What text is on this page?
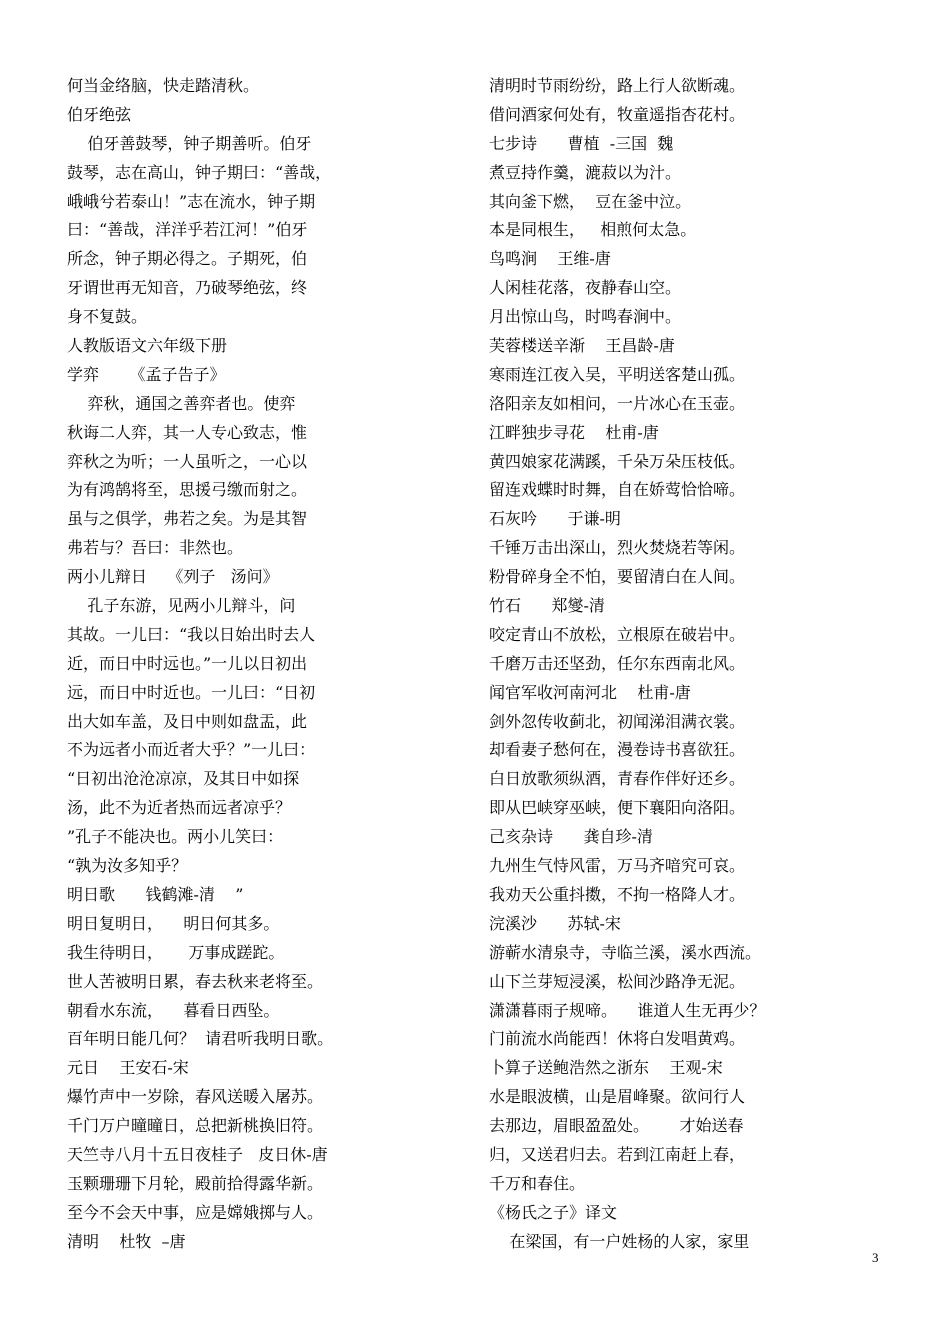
何当金络脑，快走踏清秋。
伯牙绝弦
伯牙善鼓琴，钟子期善听。伯牙
鼓琴，志在高山，钟子期曰：“善哉，
峨峨兮若泰山！”志在流水，钟子期
曰：“善哉，洋洋乎若江河！”伯牙
所念，钟子期必得之。子期死，伯
牙谓世再无知音，乃破琴绝弦，终
身不复鼓。
人教版语文六年级下册
学弈      《孟子告子》
弈秋，通国之善弈者也。使弈
秋诲二人弈，其一人专心致志，惟
弈秋之为听；一人虽听之，一心以
为有鸿鹄将至，思援弓缴而射之。
虽与之俱学，弗若之矣。为是其智
弗若与？吾曰：非然也。
两小儿辩日    《列子   汤问》
孔子东游，见两小儿辩斗，问
其故。一儿曰：“我以日始出时去人
近，而日中时远也。”一儿以日初出
远，而日中时近也。一儿曰：“日初
出大如车盖，及日中则如盘盂，此
不为远者小而近者大乎？”一儿曰：
“日初出沧沧凉凉，及其日中如探
汤，此不为近者热而远者凉乎？
”孔子不能决也。两小儿笑曰：
“孰为汝多知乎？
明日歌      钱鹤滩-清    ”
明日复明日，    明日何其多。
我生待明日，     万事成蹉跎。
世人苦被明日累，春去秋来老将至。
朝看水东流，    暮看日西坠。
百年明日能几何？  请君听我明日歌。
元日    王安石-宋
爆竹声中一岁除，春风送暖入屠苏。
千门万户曈曈日，总把新桃换旧符。
天竺寺八月十五日夜桂子   皮日休-唐
玉颗珊珊下月轮，殿前拾得露华新。
至今不会天中事，应是嫦娥掷与人。
清明    杜牧  –唐
清明时节雨纷纷，路上行人欲断魂。
借问酒家何处有，牧童遥指杏花村。
七步诗      曹植  -三国  魏
煮豆持作羹，漉菽以为汁。
其向釜下燃，  豆在釜中泣。
本是同根生，   相煎何太急。
鸟鸣涧    王维-唐
人闲桂花落，夜静春山空。
月出惊山鸟，时鸣春涧中。
芙蓉楼送辛渐    王昌龄-唐
寒雨连江夜入吴，平明送客楚山孤。
洛阳亲友如相问，一片冰心在玉壶。
江畔独步寻花    杜甫-唐
黄四娘家花满蹊，千朵万朵压枝低。
留连戏蝶时时舞，自在娇莺恰恰啼。
石灰吟      于谦-明
千锤万击出深山，烈火焚烧若等闲。
粉骨碎身全不怕，要留清白在人间。
竹石      郑燮-清
咬定青山不放松，立根原在破岩中。
千磨万击还坚劲，任尔东西南北风。
闻官军收河南河北    杜甫-唐
剑外忽传收蓟北，初闻涕泪满衣裳。
却看妻子愁何在，漫卷诗书喜欲狂。
白日放歌须纵酒，青春作伴好还乡。
即从巴峡穿巫峡，便下襄阳向洛阳。
己亥杂诗      龚自珍-清
九州生气恃风雷，万马齐喑究可哀。
我劝天公重抖擞，不拘一格降人才。
浣溪沙      苏轼-宋
游蕲水清泉寺，寺临兰溪，溪水西流。
山下兰芽短浸溪，松间沙路净无泥。
潇潇暮雨子规啼。    谁道人生无再少？
门前流水尚能西！休将白发唱黄鸡。
卜算子送鲍浩然之浙东    王观-宋
水是眼波横，山是眉峰聚。欲问行人
去那边，眉眼盈盈处。      才始送春
归，又送君归去。若到江南赶上春，
千万和春住。
《杨氏之子》译文
在梁国，有一户姓杨的人家，家里
3
